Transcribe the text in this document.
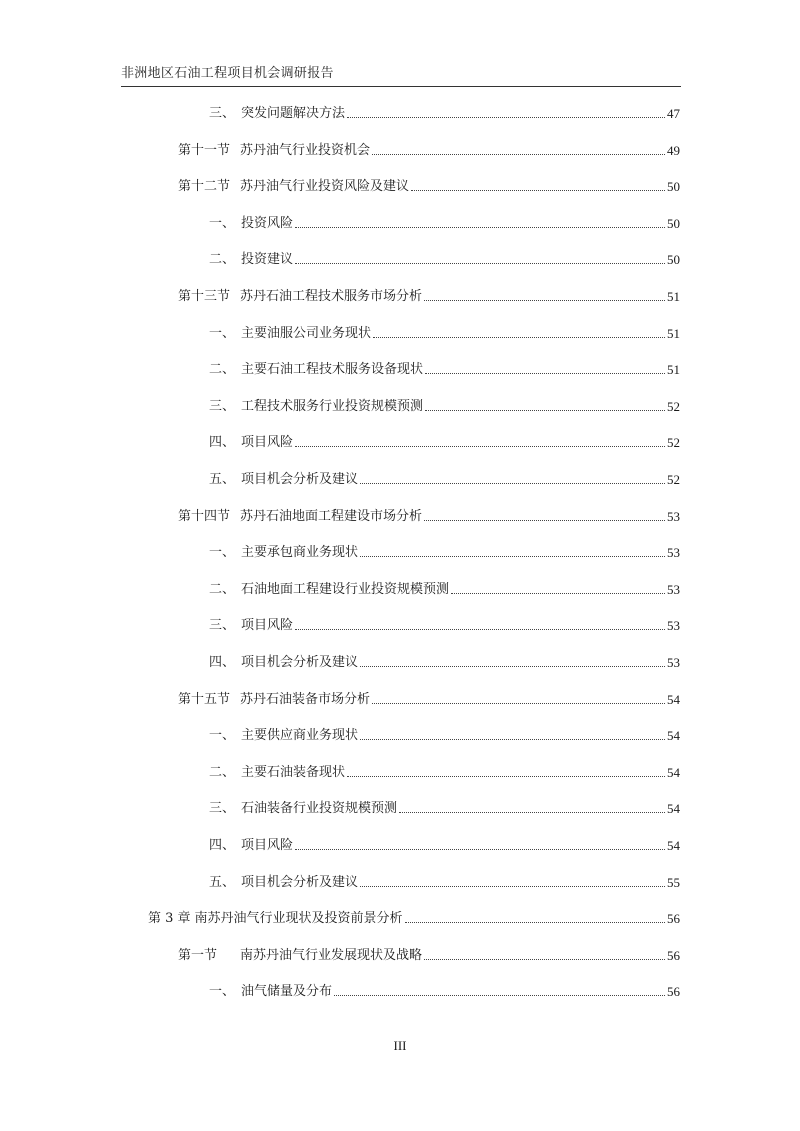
非洲地区石油工程项目机会调研报告
三、 突发问题解决方法	47
第十一节 苏丹油气行业投资机会	49
第十二节 苏丹油气行业投资风险及建议	50
一、 投资风险	50
二、 投资建议	50
第十三节 苏丹石油工程技术服务市场分析	51
一、 主要油服公司业务现状	51
二、 主要石油工程技术服务设备现状	51
三、 工程技术服务行业投资规模预测	52
四、 项目风险	52
五、 项目机会分析及建议	52
第十四节 苏丹石油地面工程建设市场分析	53
一、 主要承包商业务现状	53
二、 石油地面工程建设行业投资规模预测	53
三、 项目风险	53
四、 项目机会分析及建议	53
第十五节 苏丹石油装备市场分析	54
一、 主要供应商业务现状	54
二、 主要石油装备现状	54
三、 石油装备行业投资规模预测	54
四、 项目风险	54
五、 项目机会分析及建议	55
第 3 章 南苏丹油气行业现状及投资前景分析	56
第一节	南苏丹油气行业发展现状及战略	56
一、 油气储量及分布	56
III
